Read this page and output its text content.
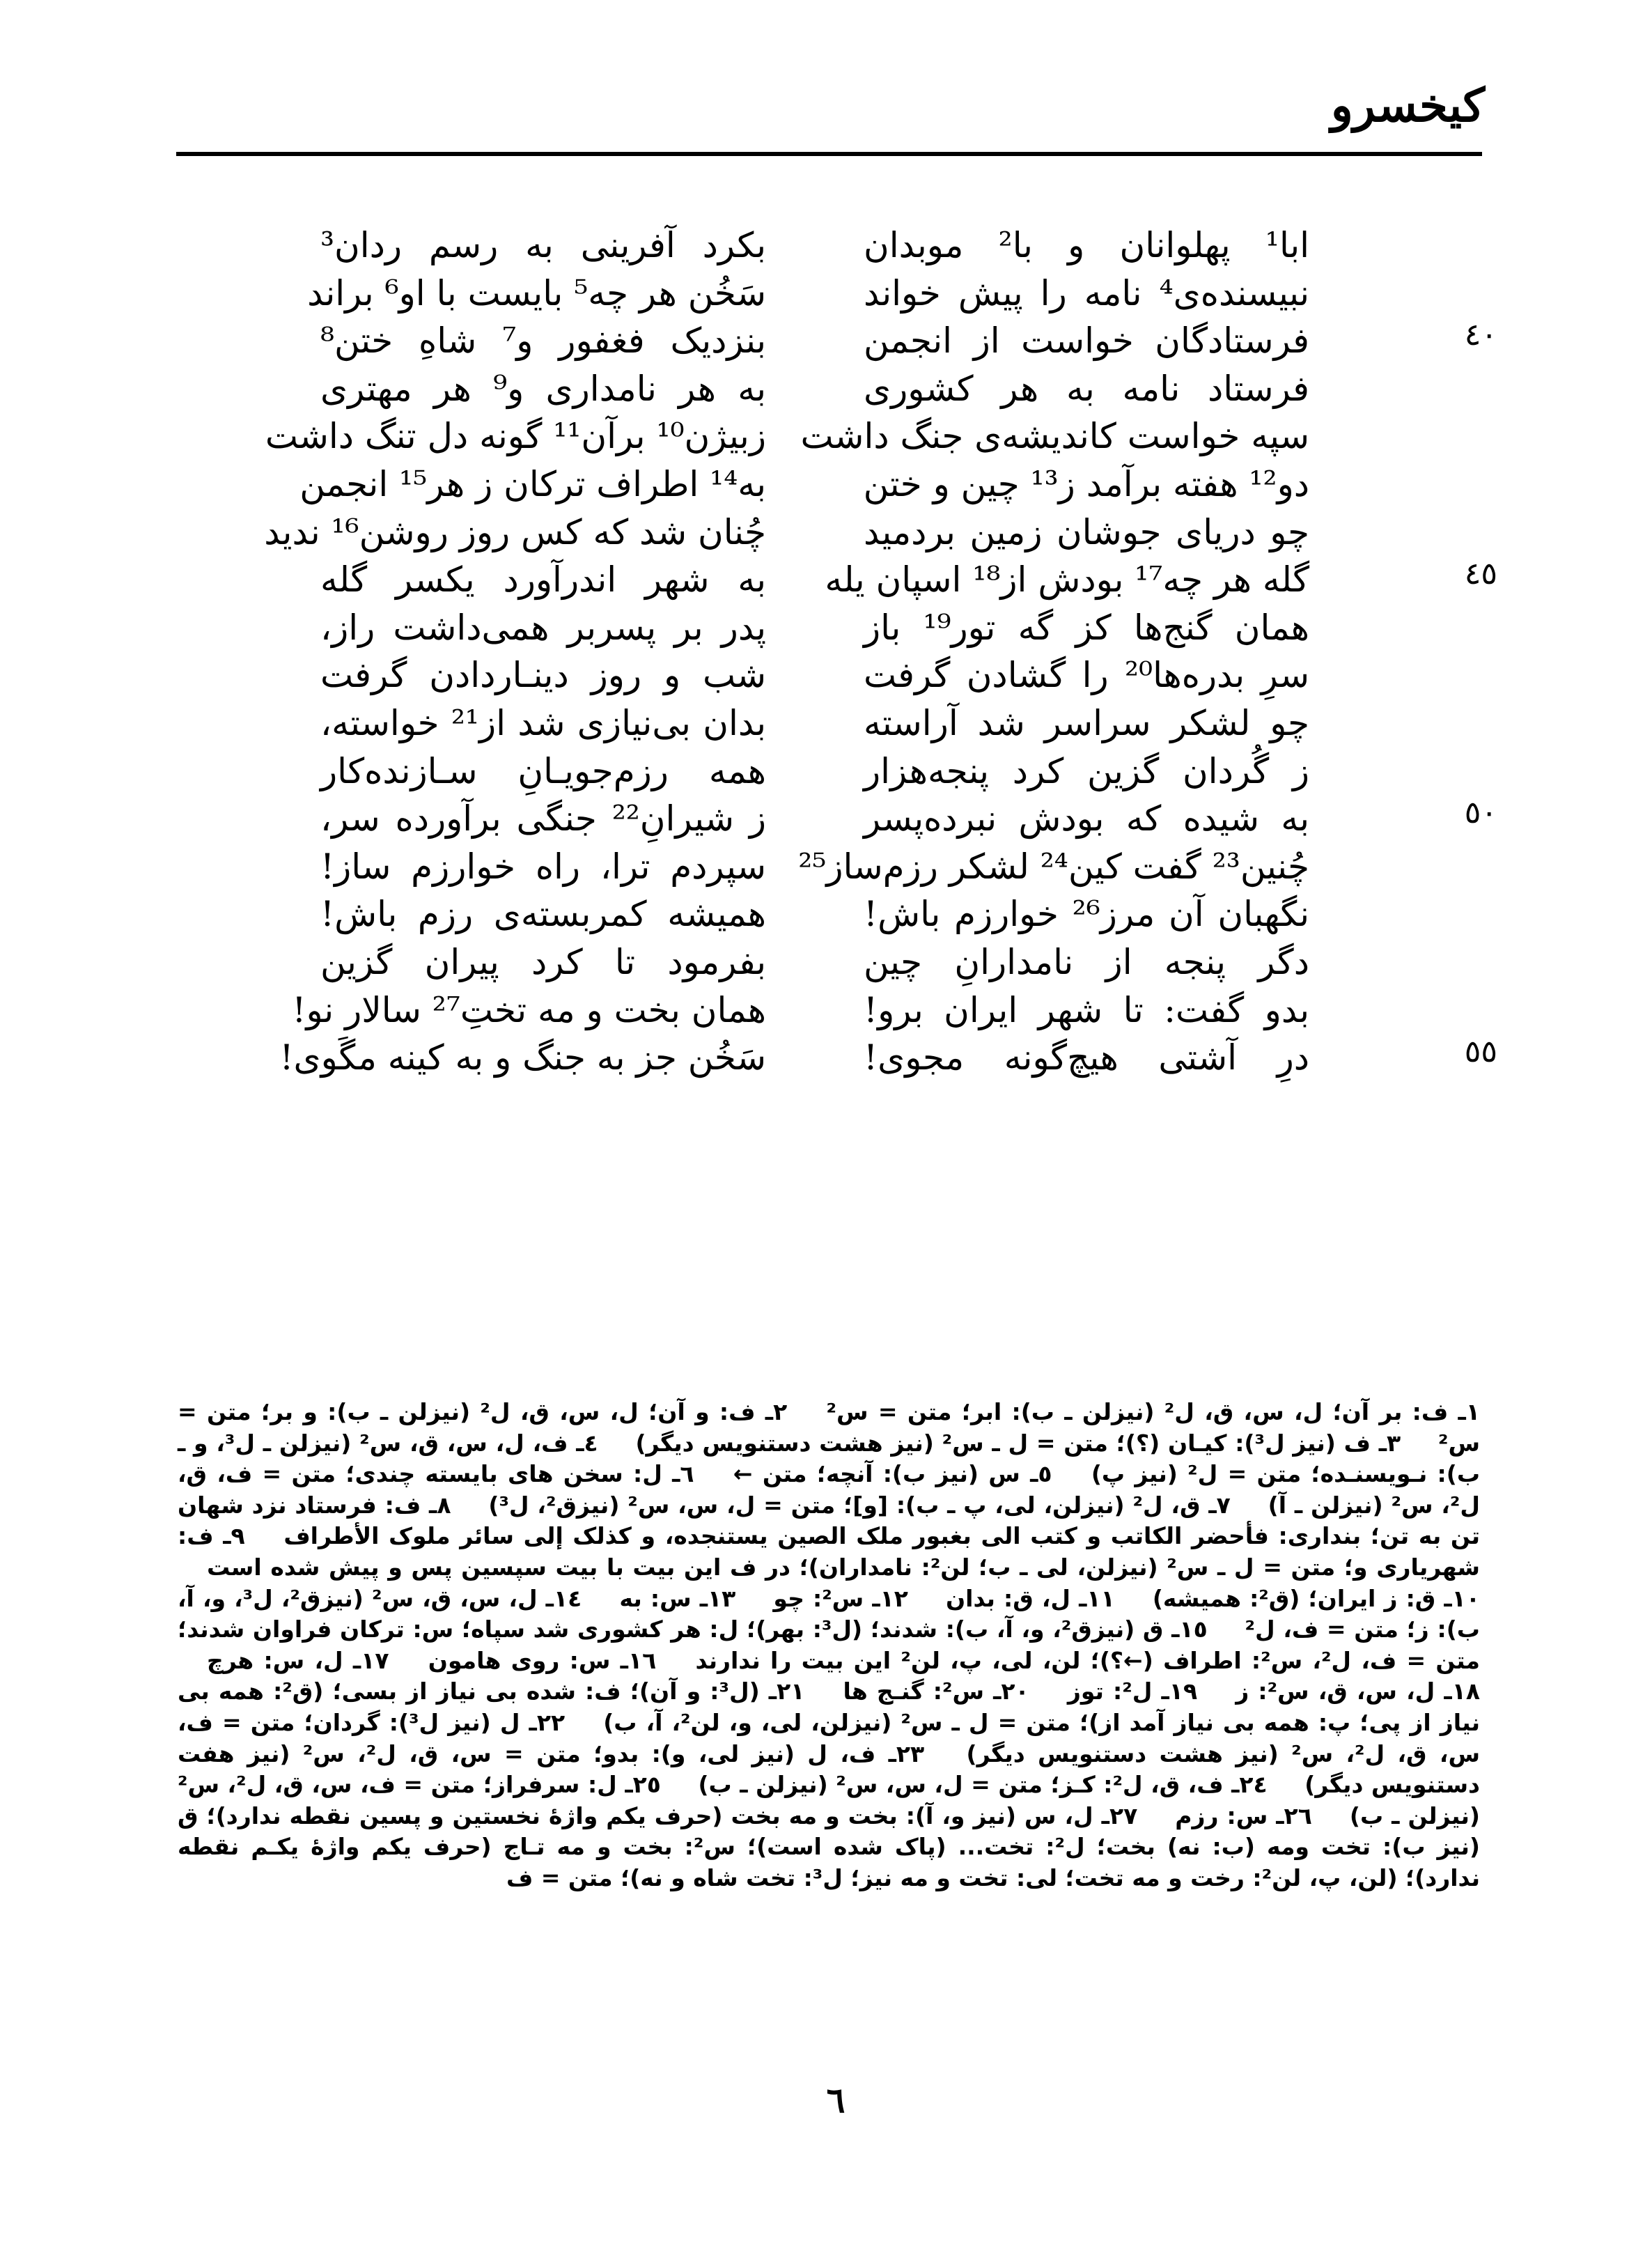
کیخسرو
ابا¹ پهلوانان و با² موبدان
نبیسنده‌ی⁴ نامه را پیش خواند
فرستادگان خواست از انجمن
فرستاد نامه به هر کشوری
سپه خواست کاندیشه‌ی جنگ داشت
دو¹² هفته برآمد ز¹³ چین و ختن
چو دریای جوشان زمین بردمید
گله هر چه¹⁷ بودش از¹⁸ اسپان یله
همان گنج‌ها کز گه تور¹⁹ باز
سرِ بدره‌ها²⁰ را گشادن گرفت
چو لشکر سراسر شد آراسته
ز گُردان گزین کرد پنجه‌هزار
به شیده که بودش نبرده‌پسر
چُنین²³ گفت کین²⁴ لشکر رزم‌ساز²⁵
نگهبان آن مرز²⁶ خوارزم باش!
دگر پنجه از نامدارانِ چین
بدو گفت: تا شهر ایران برو!
درِ آشتی هیچ‌گونه مجوی!
بکرد آفرینی به رسم ردان³
سَخُن هر چه⁵ بایست با او⁶ براند
بنزدیک فغفور و⁷ شاهِ ختن⁸
به هر نامداری و⁹ هر مهتری
زبیژن¹⁰ برآن¹¹ گونه دل تنگ داشت
به¹⁴ اطراف ترکان ز هر¹⁵ انجمن
چُنان شد که کس روز روشن¹⁶ ندید
به شهر اندرآورد یکسر گله
پدر بر پسربر همی‌داشت راز،
شب و روز دینـاردادن گرفت
بدان بی‌نیازی شد از²¹ خواسته،
همه رزم‌جویـانِ سـازنده‌کار
ز شیرانِ²² جنگی برآورده سر،
سپردم ترا، راه خوارزم ساز!
همیشه کمربسته‌ی رزم باش!
بفرمود تا کرد پیران گزین
همان بخت و مه تختِ²⁷ سالار نو!
سَخُن جز به جنگ و به کینه مگَوی!
٤٠
٤٥
٥٠
٥٥
١ـ ف: بر آن؛ ل، س، ق، ل² (نیزلن ـ ب): ابر؛ متن = س² ٢ـ ف: و آن؛ ل، س، ق، ل² (نیزلن ـ ب): و بر؛ متن = س² ٣ـ ف (نیز ل³): کیـان (؟)؛ متن = ل ـ س² (نیز هشت دستنویس دیگر) ٤ـ ف، ل، س، ق، س² (نیزلن ـ ل³، و ـ ب): نـویسنـده؛ متن = ل² (نیز پ) ٥ـ س (نیز ب): آنچه؛ متن ← ٦ـ ل: سخن های بایسته چندی؛ متن = ف، ق، ل²، س² (نیزلن ـ آ) ٧ـ ق، ل² (نیزلن، لی، پ ـ ب): [و]؛ متن = ل، س، س² (نیزق²، ل³) ٨ـ ف: فرستاد نزد شهان تن به تن؛ بنداری: فأحضر الکاتب و کتب الی بغبور ملک الصین یستنجده، و کذلک إلی سائر ملوک الأطراف ٩ـ ف: شهریاری و؛ متن = ل ـ س² (نیزلن، لی ـ ب؛ لن²: نامداران)؛ در ف این بیت با بیت سپسین پس و پیش شده است ١٠ـ ق: ز ایران؛ (ق²: همیشه) ١١ـ ل، ق: بدان ١٢ـ س²: چو ١٣ـ س: به ١٤ـ ل، س، ق، س² (نیزق²، ل³، و، آ، ب): ز؛ متن = ف، ل² ١٥ـ ق (نیزق²، و، آ، ب): شدند؛ (ل³: بهر)؛ ل: هر کشوری شد سپاه؛ س: ترکان فراوان شدند؛ متن = ف، ل²، س²: اطراف (←؟)؛ لن، لی، پ، لن² این بیت را ندارند ١٦ـ س: روی هامون ١٧ـ ل، س: هرچ ١٨ـ ل، س، ق، س²: ز ١٩ـ ل²: توز ٢٠ـ س²: گنـج ها ٢١ـ (ل³: و آن)؛ ف: شده بی نیاز از بسی؛ (ق²: همه بی نیاز از پی؛ پ: همه بی نیاز آمد از)؛ متن = ل ـ س² (نیزلن، لی، و، لن²، آ، ب) ٢٢ـ ل (نیز ل³): گردان؛ متن = ف، س، ق، ل²، س² (نیز هشت دستنویس دیگر) ٢٣ـ ف، ل (نیز لی، و): بدو؛ متن = س، ق، ل²، س² (نیز هفت دستنویس دیگر) ٢٤ـ ف، ق، ل²: کـز؛ متن = ل، س، س² (نیزلن ـ ب) ٢٥ـ ل: سرفراز؛ متن = ف، س، ق، ل²، س² (نیزلن ـ ب) ٢٦ـ س: رزم ٢٧ـ ل، س (نیز و، آ): بخت و مه بخت (حرف یکم واژهٔ نخستین و پسین نقطه ندارد)؛ ق (نیز ب): تخت ومه (ب: نه) بخت؛ ل²: تخت... (پاک شده است)؛ س²: بخت و مه تـاج (حرف یکم واژهٔ یکـم نقطه ندارد)؛ (لن، پ، لن²: رخت و مه تخت؛ لی: تخت و مه نیز؛ ل³: تخت شاه و نه)؛ متن = ف
٦
